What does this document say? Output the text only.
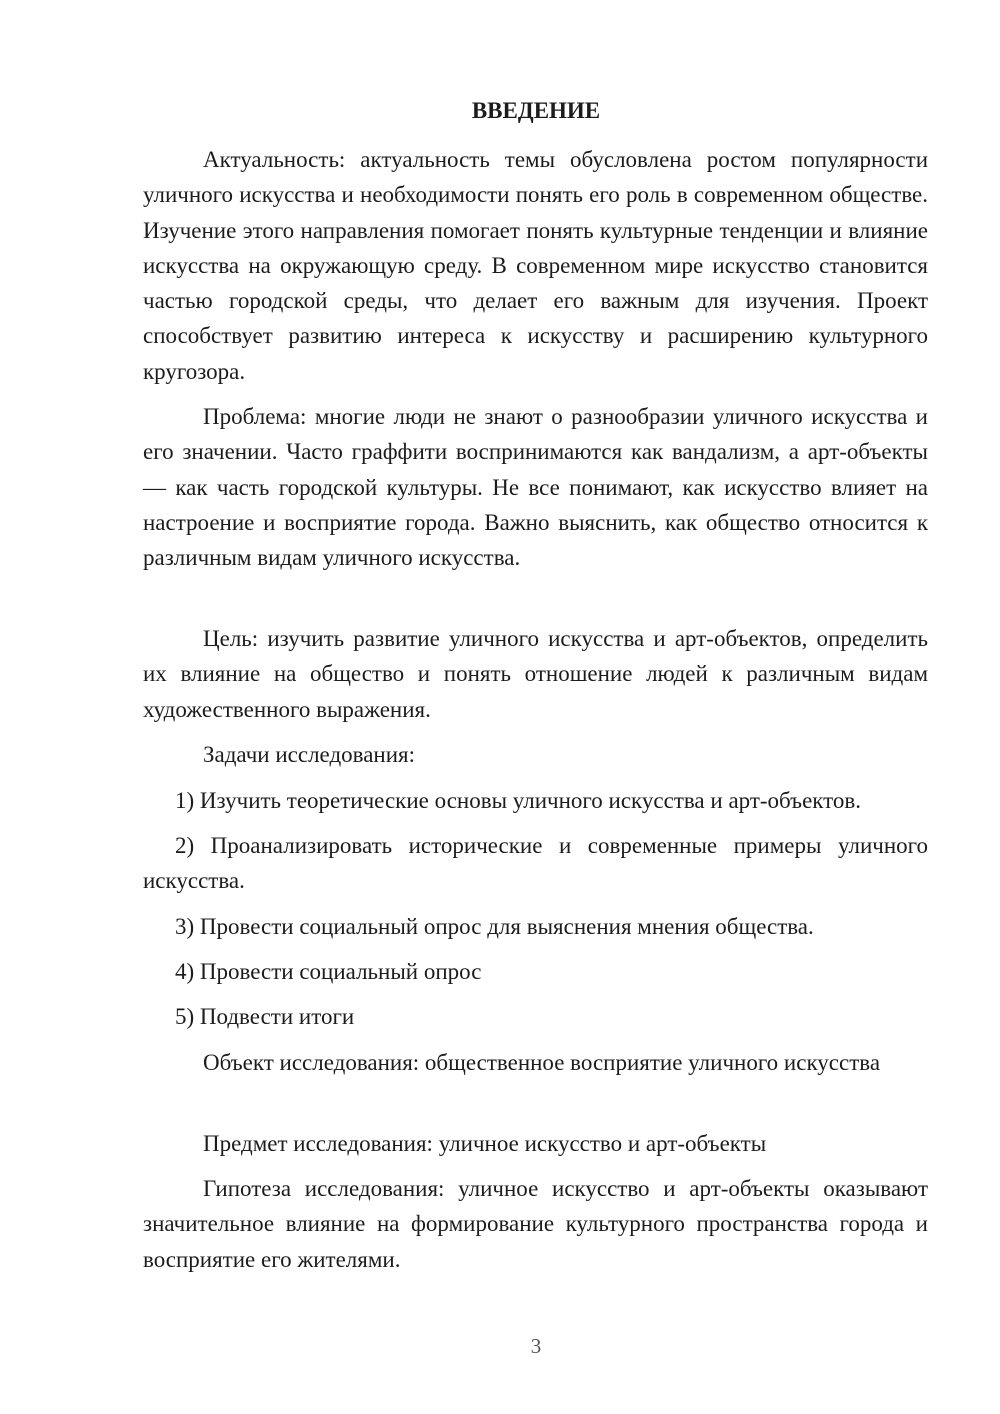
ВВЕДЕНИЕ

Актуальность: актуальность темы обусловлена ростом популярности уличного искусства и необходимости понять его роль в современном обществе. Изучение этого направления помогает понять культурные тенденции и влияние искусства на окружающую среду. В современном мире искусство становится частью городской среды, что делает его важным для изучения. Проект способствует развитию интереса к искусству и расширению культурного кругозора.

Проблема: многие люди не знают о разнообразии уличного искусства и его значении. Часто граффити воспринимаются как вандализм, а арт-объекты — как часть городской культуры. Не все понимают, как искусство влияет на настроение и восприятие города. Важно выяснить, как общество относится к различным видам уличного искусства.

Цель: изучить развитие уличного искусства и арт-объектов, определить их влияние на общество и понять отношение людей к различным видам художественного выражения.

Задачи исследования:

1) Изучить теоретические основы уличного искусства и арт-объектов.

2) Проанализировать исторические и современные примеры уличного искусства.

3) Провести социальный опрос для выяснения мнения общества.

4) Провести социальный опрос

5) Подвести итоги

Объект исследования: общественное восприятие уличного искусства

Предмет исследования: уличное искусство и арт-объекты

Гипотеза исследования: уличное искусство и арт-объекты оказывают значительное влияние на формирование культурного пространства города и восприятие его жителями.

3
